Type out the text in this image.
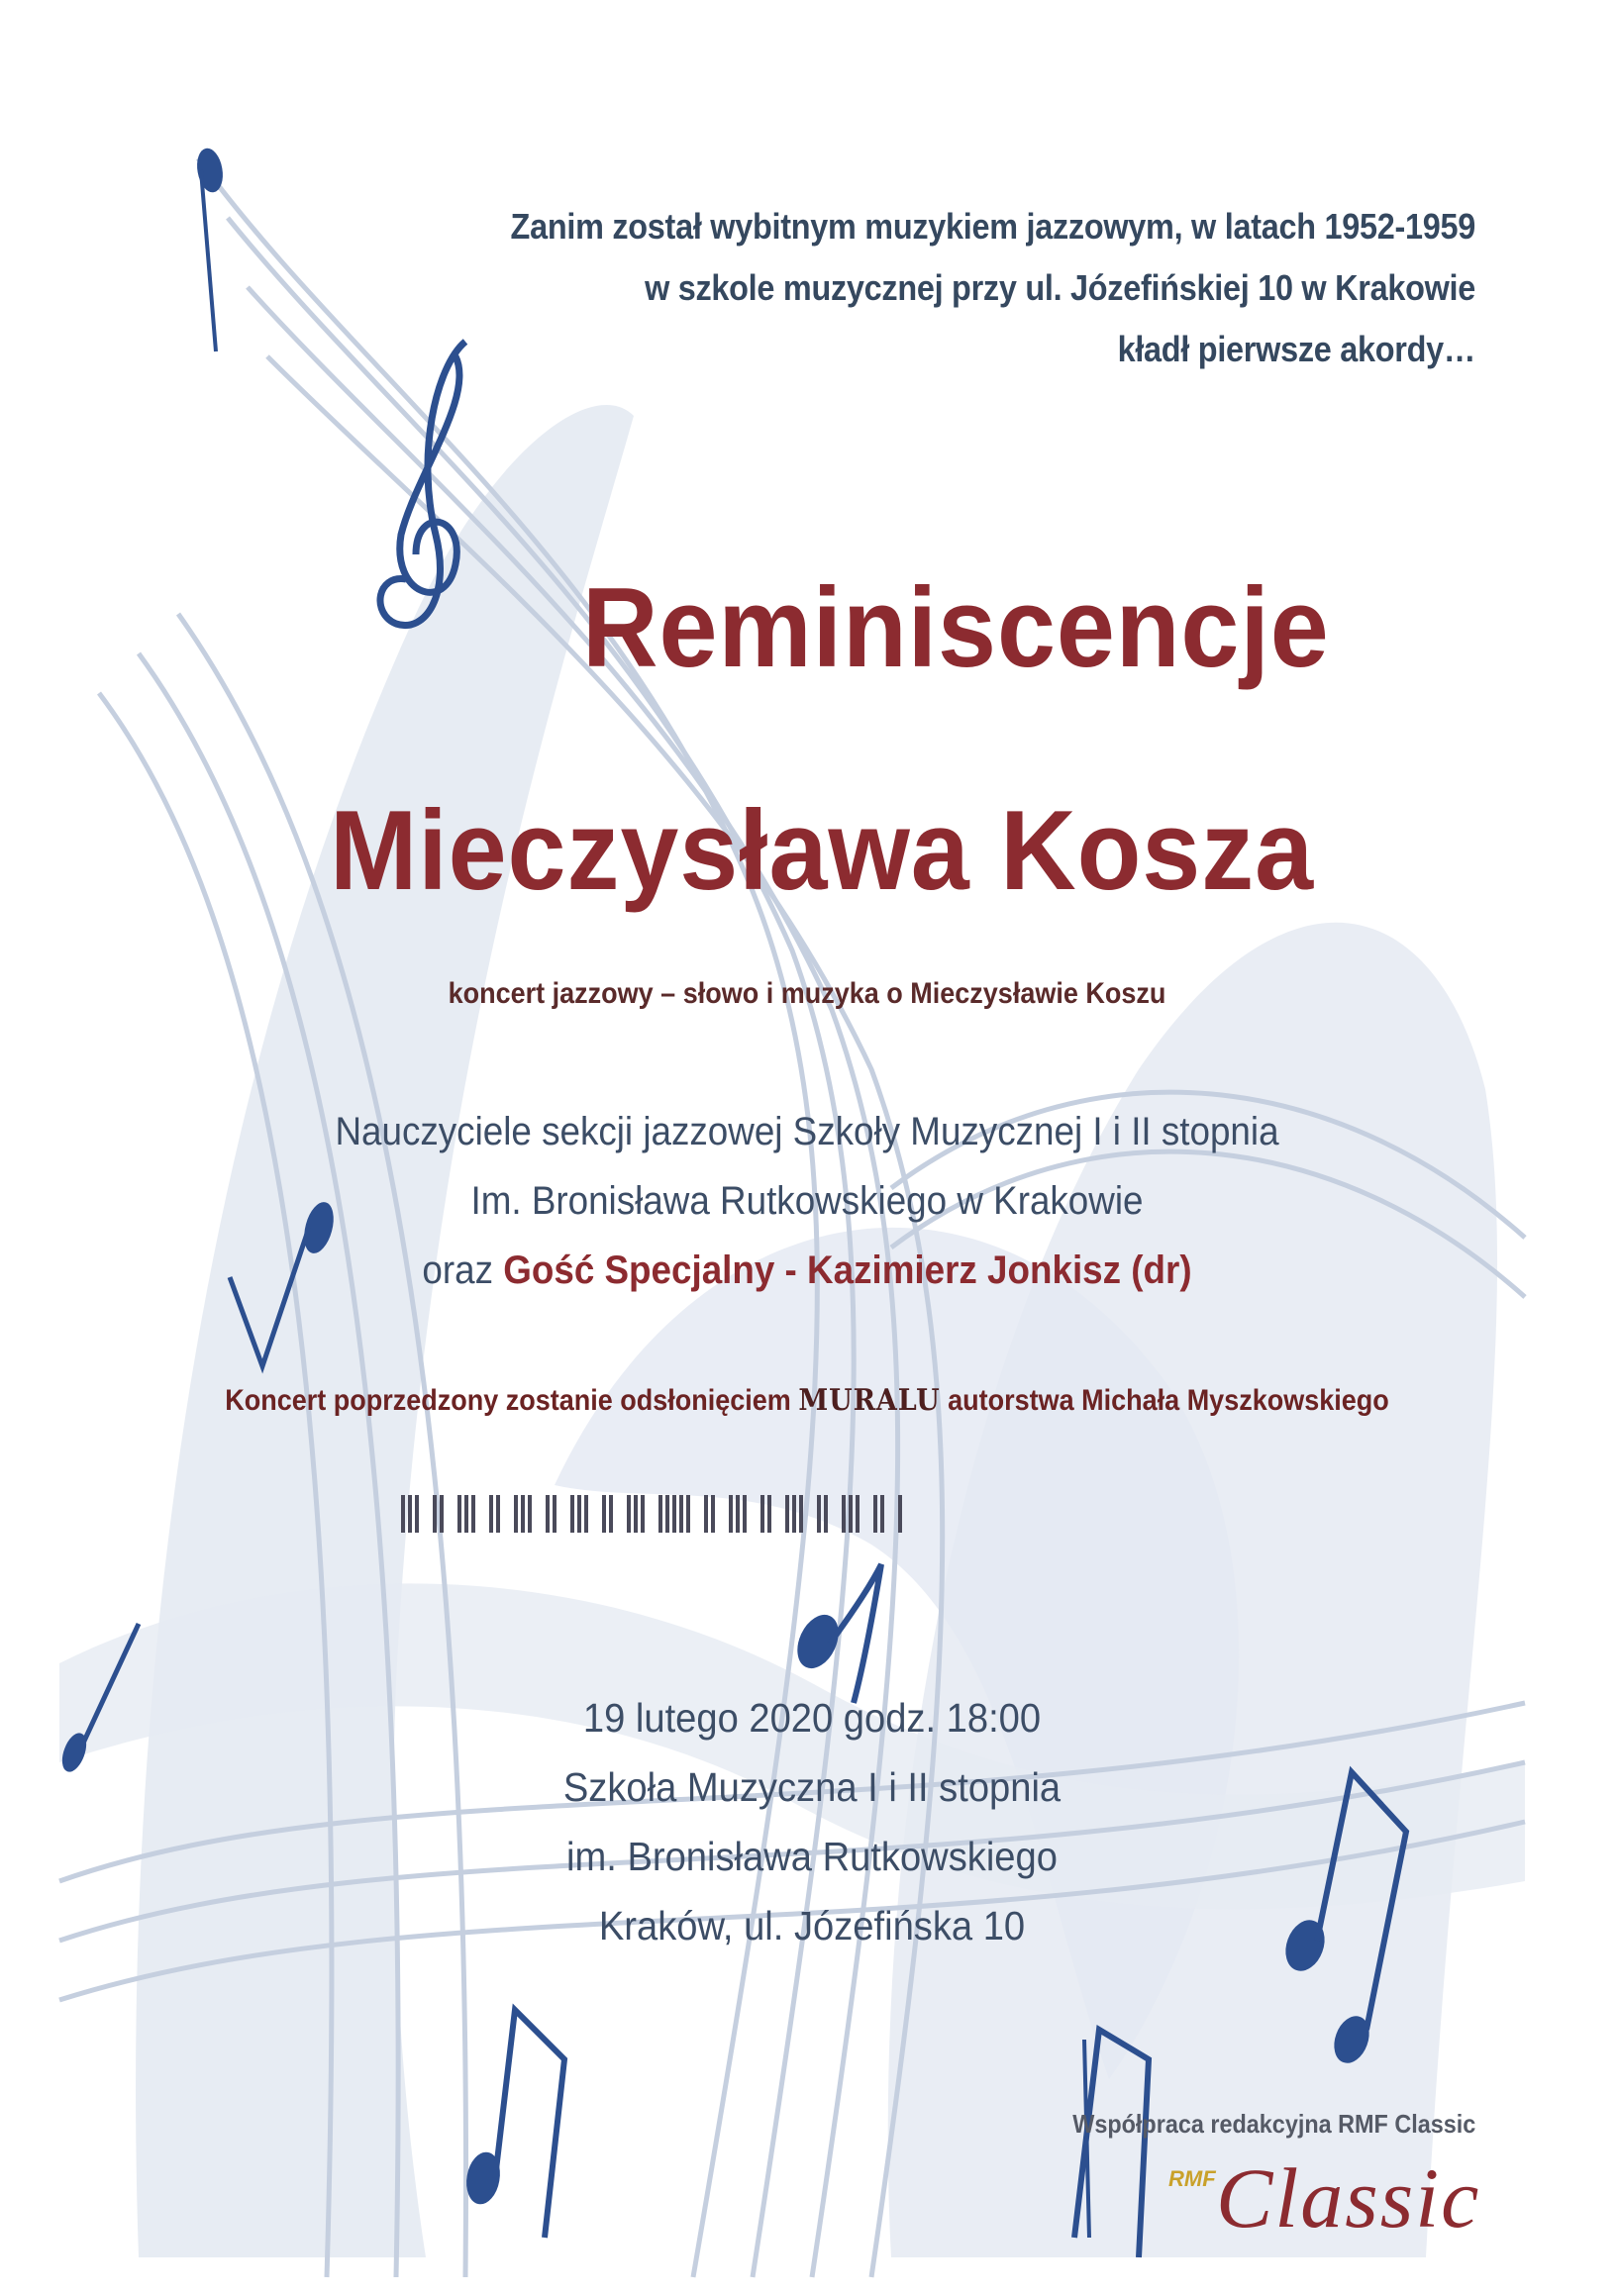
Zanim został wybitnym muzykiem jazzowym, w latach 1952-1959
w szkole muzycznej przy ul. Józefińskiej 10 w Krakowie
kładł pierwsze akordy…
Reminiscencje
Mieczysława Kosza

koncert jazzowy – słowo i muzyka o Mieczysławie Koszu

Nauczyciele sekcji jazzowej Szkoły Muzycznej I i II stopnia
Im. Bronisława Rutkowskiego w Krakowie
oraz Gość Specjalny - Kazimierz Jonkisz (dr)

Koncert poprzedzony zostanie odsłonięciem MURALU autorstwa Michała Myszkowskiego

19 lutego 2020 godz. 18:00
Szkoła Muzyczna I i II stopnia
im. Bronisława Rutkowskiego
Kraków, ul. Józefińska 10
Współpraca redakcyjna RMF Classic
RMF Classic
